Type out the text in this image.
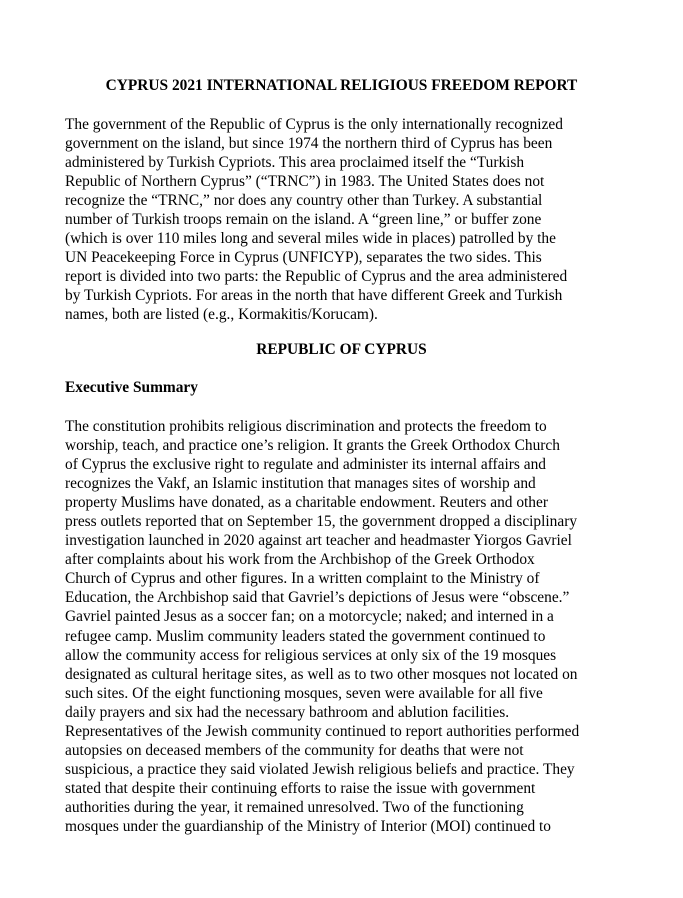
CYPRUS 2021 INTERNATIONAL RELIGIOUS FREEDOM REPORT
The government of the Republic of Cyprus is the only internationally recognized
government on the island, but since 1974 the northern third of Cyprus has been
administered by Turkish Cypriots. This area proclaimed itself the “Turkish
Republic of Northern Cyprus” (“TRNC”) in 1983. The United States does not
recognize the “TRNC,” nor does any country other than Turkey. A substantial
number of Turkish troops remain on the island. A “green line,” or buffer zone
(which is over 110 miles long and several miles wide in places) patrolled by the
UN Peacekeeping Force in Cyprus (UNFICYP), separates the two sides. This
report is divided into two parts: the Republic of Cyprus and the area administered
by Turkish Cypriots. For areas in the north that have different Greek and Turkish
names, both are listed (e.g., Kormakitis/Korucam).
REPUBLIC OF CYPRUS
Executive Summary
The constitution prohibits religious discrimination and protects the freedom to
worship, teach, and practice one’s religion. It grants the Greek Orthodox Church
of Cyprus the exclusive right to regulate and administer its internal affairs and
recognizes the Vakf, an Islamic institution that manages sites of worship and
property Muslims have donated, as a charitable endowment. Reuters and other
press outlets reported that on September 15, the government dropped a disciplinary
investigation launched in 2020 against art teacher and headmaster Yiorgos Gavriel
after complaints about his work from the Archbishop of the Greek Orthodox
Church of Cyprus and other figures. In a written complaint to the Ministry of
Education, the Archbishop said that Gavriel’s depictions of Jesus were “obscene.”
Gavriel painted Jesus as a soccer fan; on a motorcycle; naked; and interned in a
refugee camp. Muslim community leaders stated the government continued to
allow the community access for religious services at only six of the 19 mosques
designated as cultural heritage sites, as well as to two other mosques not located on
such sites. Of the eight functioning mosques, seven were available for all five
daily prayers and six had the necessary bathroom and ablution facilities.
Representatives of the Jewish community continued to report authorities performed
autopsies on deceased members of the community for deaths that were not
suspicious, a practice they said violated Jewish religious beliefs and practice. They
stated that despite their continuing efforts to raise the issue with government
authorities during the year, it remained unresolved. Two of the functioning
mosques under the guardianship of the Ministry of Interior (MOI) continued to
